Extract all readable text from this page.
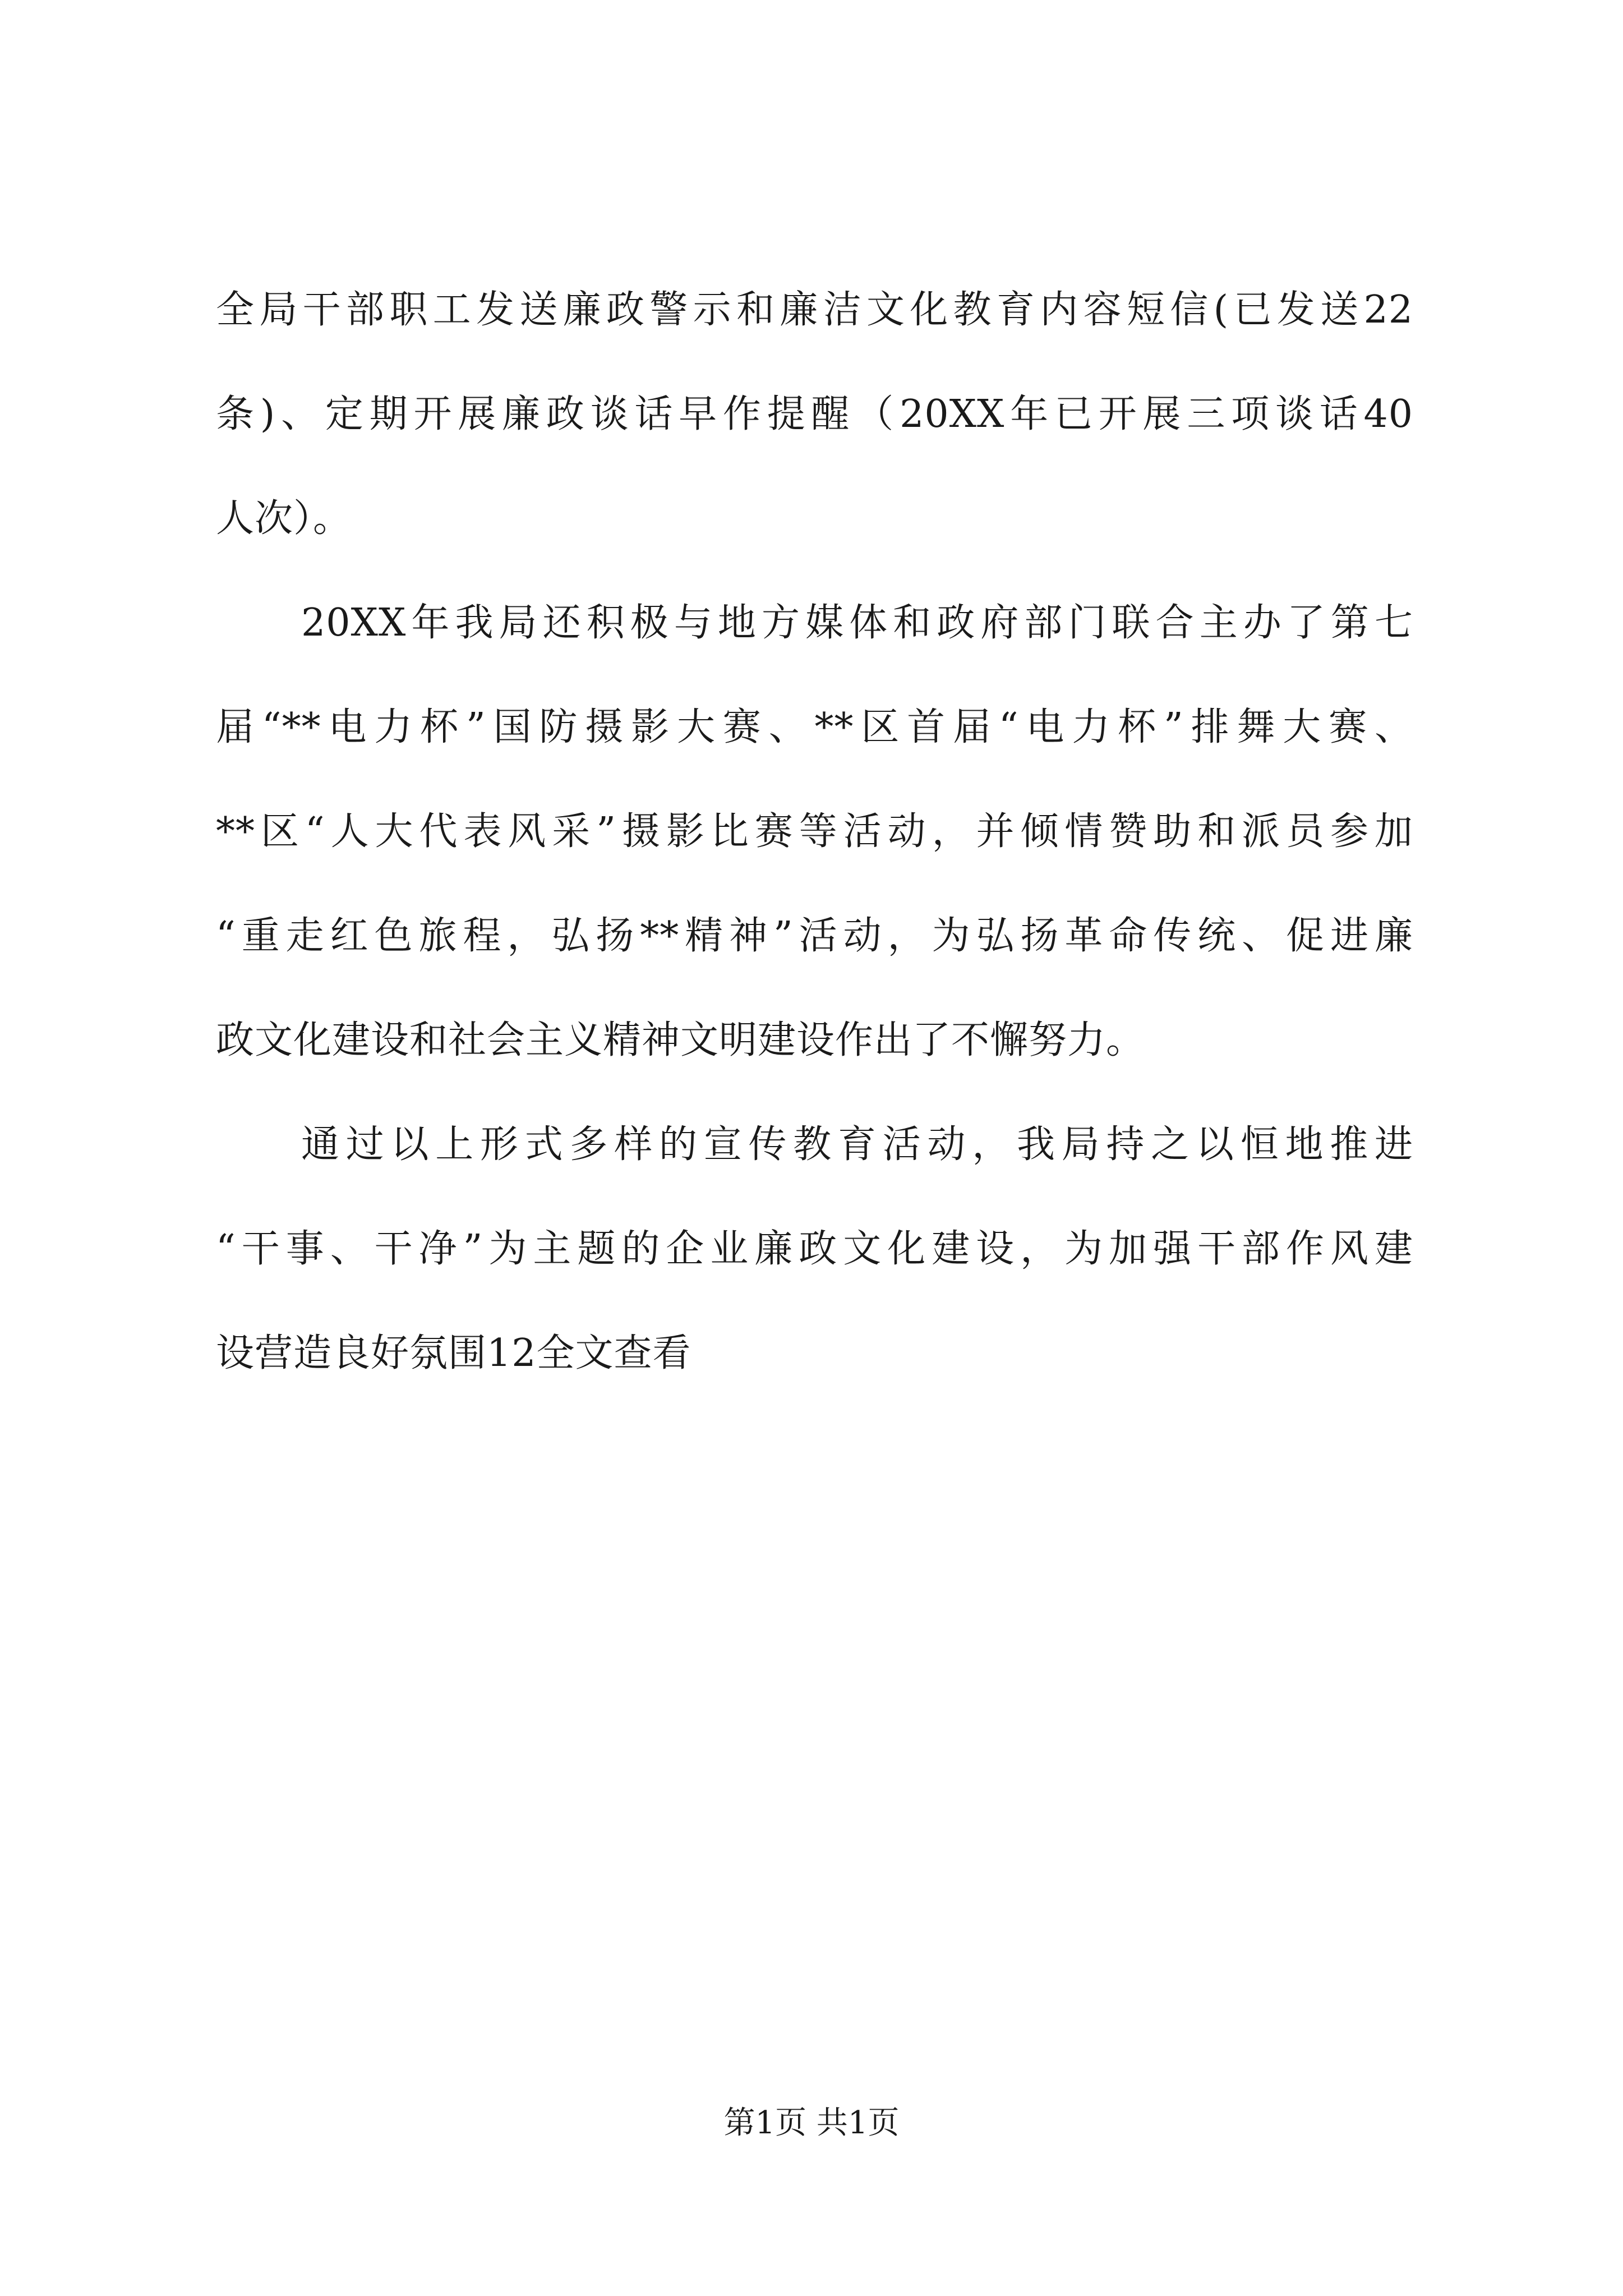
全局干部职工发送廉政警示和廉洁文化教育内容短信(已发送22
条)、定期开展廉政谈话早作提醒（20XX年已开展三项谈话40
人次）。
20XX年我局还积极与地方媒体和政府部门联合主办了第七
届“**电力杯”国防摄影大赛、**区首届“电力杯”排舞大赛、
**区“人大代表风采”摄影比赛等活动，并倾情赞助和派员参加
“重走红色旅程，弘扬**精神”活动，为弘扬革命传统、促进廉
政文化建设和社会主义精神文明建设作出了不懈努力。
通过以上形式多样的宣传教育活动，我局持之以恒地推进
“干事、干净”为主题的企业廉政文化建设，为加强干部作风建
设营造良好氛围12全文查看
第1页 共1页
